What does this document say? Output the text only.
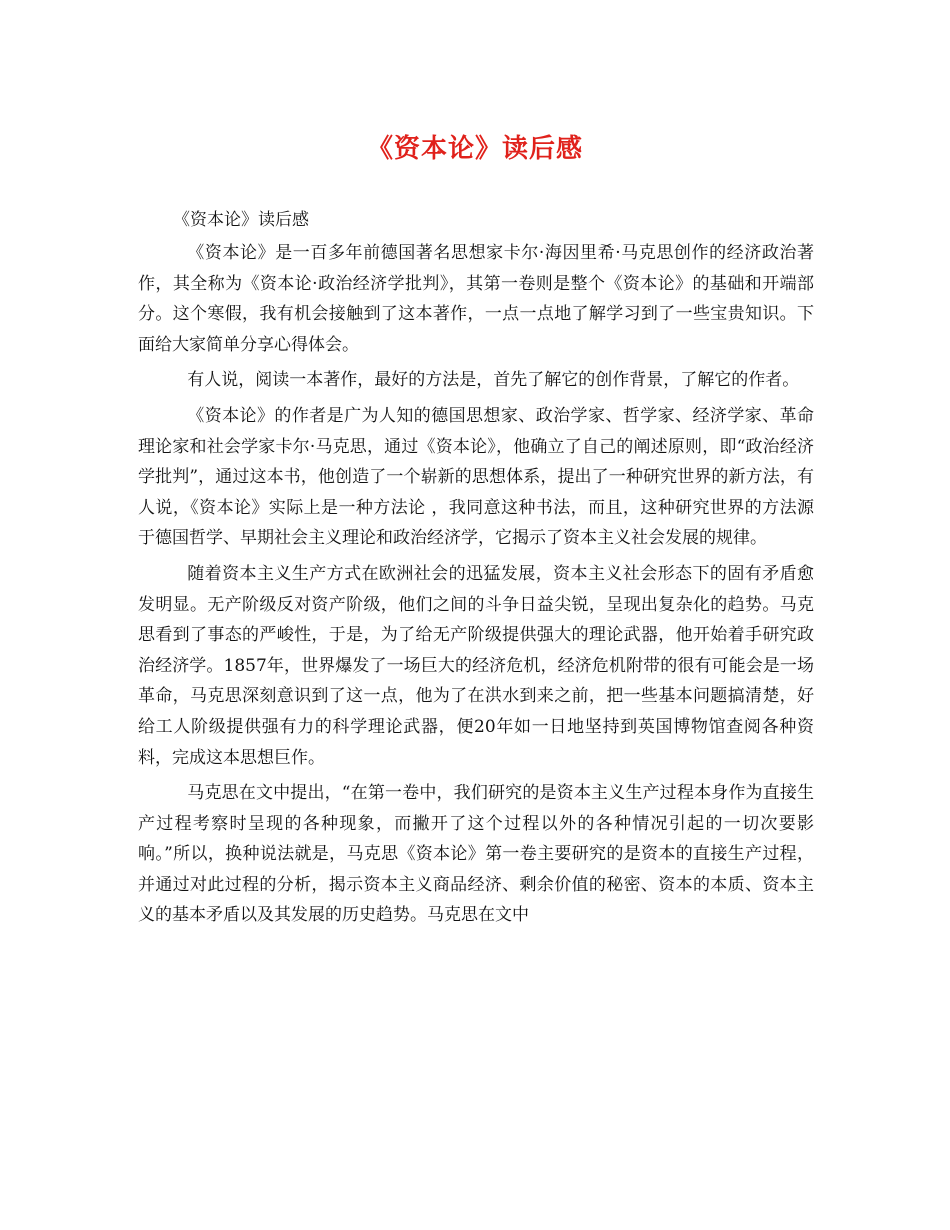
《资本论》读后感
《资本论》读后感

《资本论》是一百多年前德国著名思想家卡尔·海因里希·马克思创作的经济政治著作，其全称为《资本论·政治经济学批判》，其第一卷则是整个《资本论》的基础和开端部分。这个寒假，我有机会接触到了这本著作，一点一点地了解学习到了一些宝贵知识。下面给大家简单分享心得体会。

有人说，阅读一本著作，最好的方法是，首先了解它的创作背景，了解它的作者。

《资本论》的作者是广为人知的德国思想家、政治学家、哲学家、经济学家、革命理论家和社会学家卡尔·马克思，通过《资本论》，他确立了自己的阐述原则，即“政治经济学批判”，通过这本书，他创造了一个崭新的思想体系，提出了一种研究世界的新方法，有人说，《资本论》实际上是一种方法论 ，我同意这种书法，而且，这种研究世界的方法源于德国哲学、早期社会主义理论和政治经济学，它揭示了资本主义社会发展的规律。

随着资本主义生产方式在欧洲社会的迅猛发展，资本主义社会形态下的固有矛盾愈发明显。无产阶级反对资产阶级，他们之间的斗争日益尖锐，呈现出复杂化的趋势。马克思看到了事态的严峻性，于是，为了给无产阶级提供强大的理论武器，他开始着手研究政治经济学。1857年，世界爆发了一场巨大的经济危机，经济危机附带的很有可能会是一场革命，马克思深刻意识到了这一点，他为了在洪水到来之前，把一些基本问题搞清楚，好给工人阶级提供强有力的科学理论武器，便20年如一日地坚持到英国博物馆查阅各种资料，完成这本思想巨作。

马克思在文中提出，“在第一卷中，我们研究的是资本主义生产过程本身作为直接生产过程考察时呈现的各种现象，而撇开了这个过程以外的各种情况引起的一切次要影响。”所以，换种说法就是，马克思《资本论》第一卷主要研究的是资本的直接生产过程，并通过对此过程的分析，揭示资本主义商品经济、剩余价值的秘密、资本的本质、资本主义的基本矛盾以及其发展的历史趋势。马克思在文中
